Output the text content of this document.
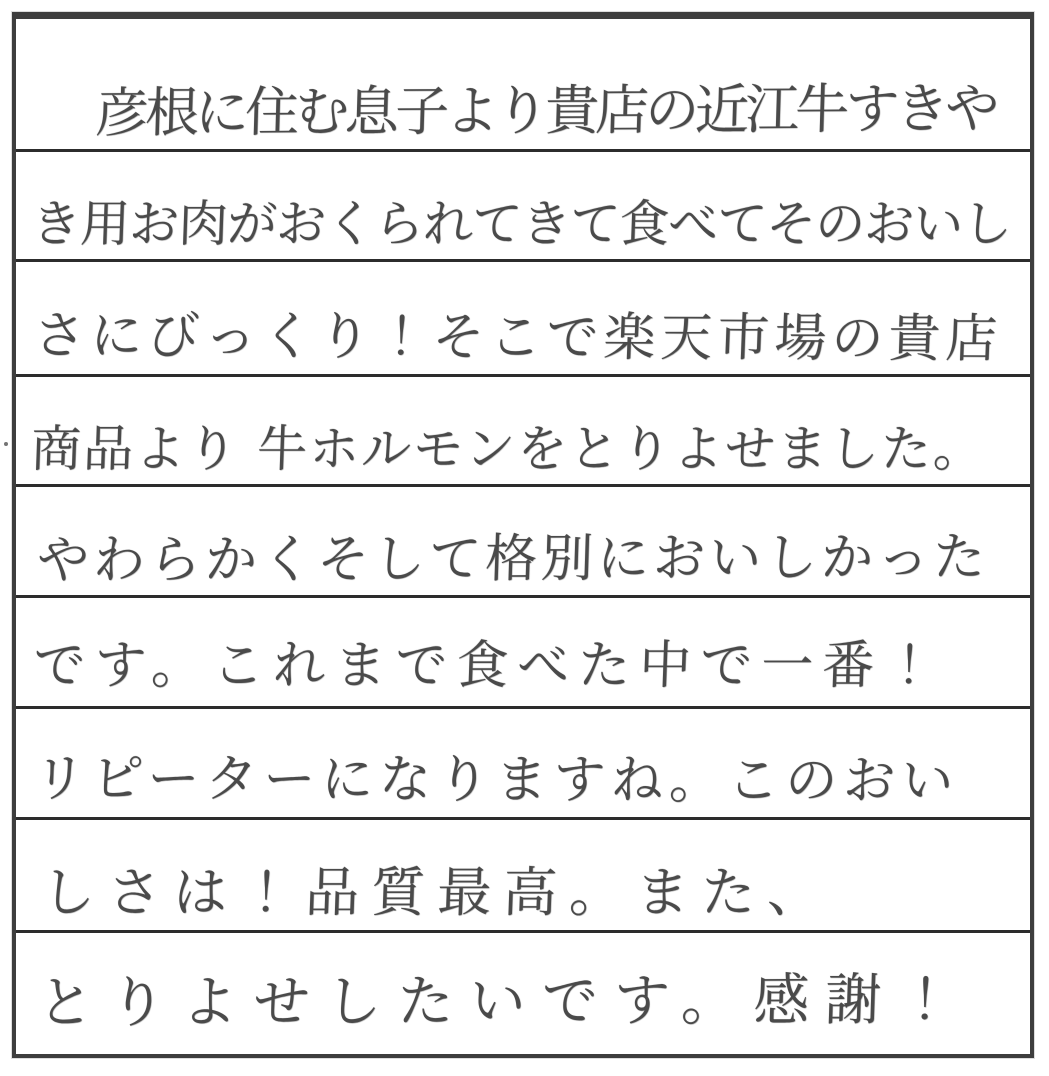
彦根に住む息子より貴店の近江牛すきや
き用お肉がおくられてきて食べてそのおいし
さにびっくり！そこで楽天市場の貴店
商品より 牛ホルモンをとりよせました。
やわらかくそして格別においしかった
です。これまで食べた中で一番！
リピーターになりますね。このおい
しさは！品質最高。また、
とりよせしたいです。感謝！
